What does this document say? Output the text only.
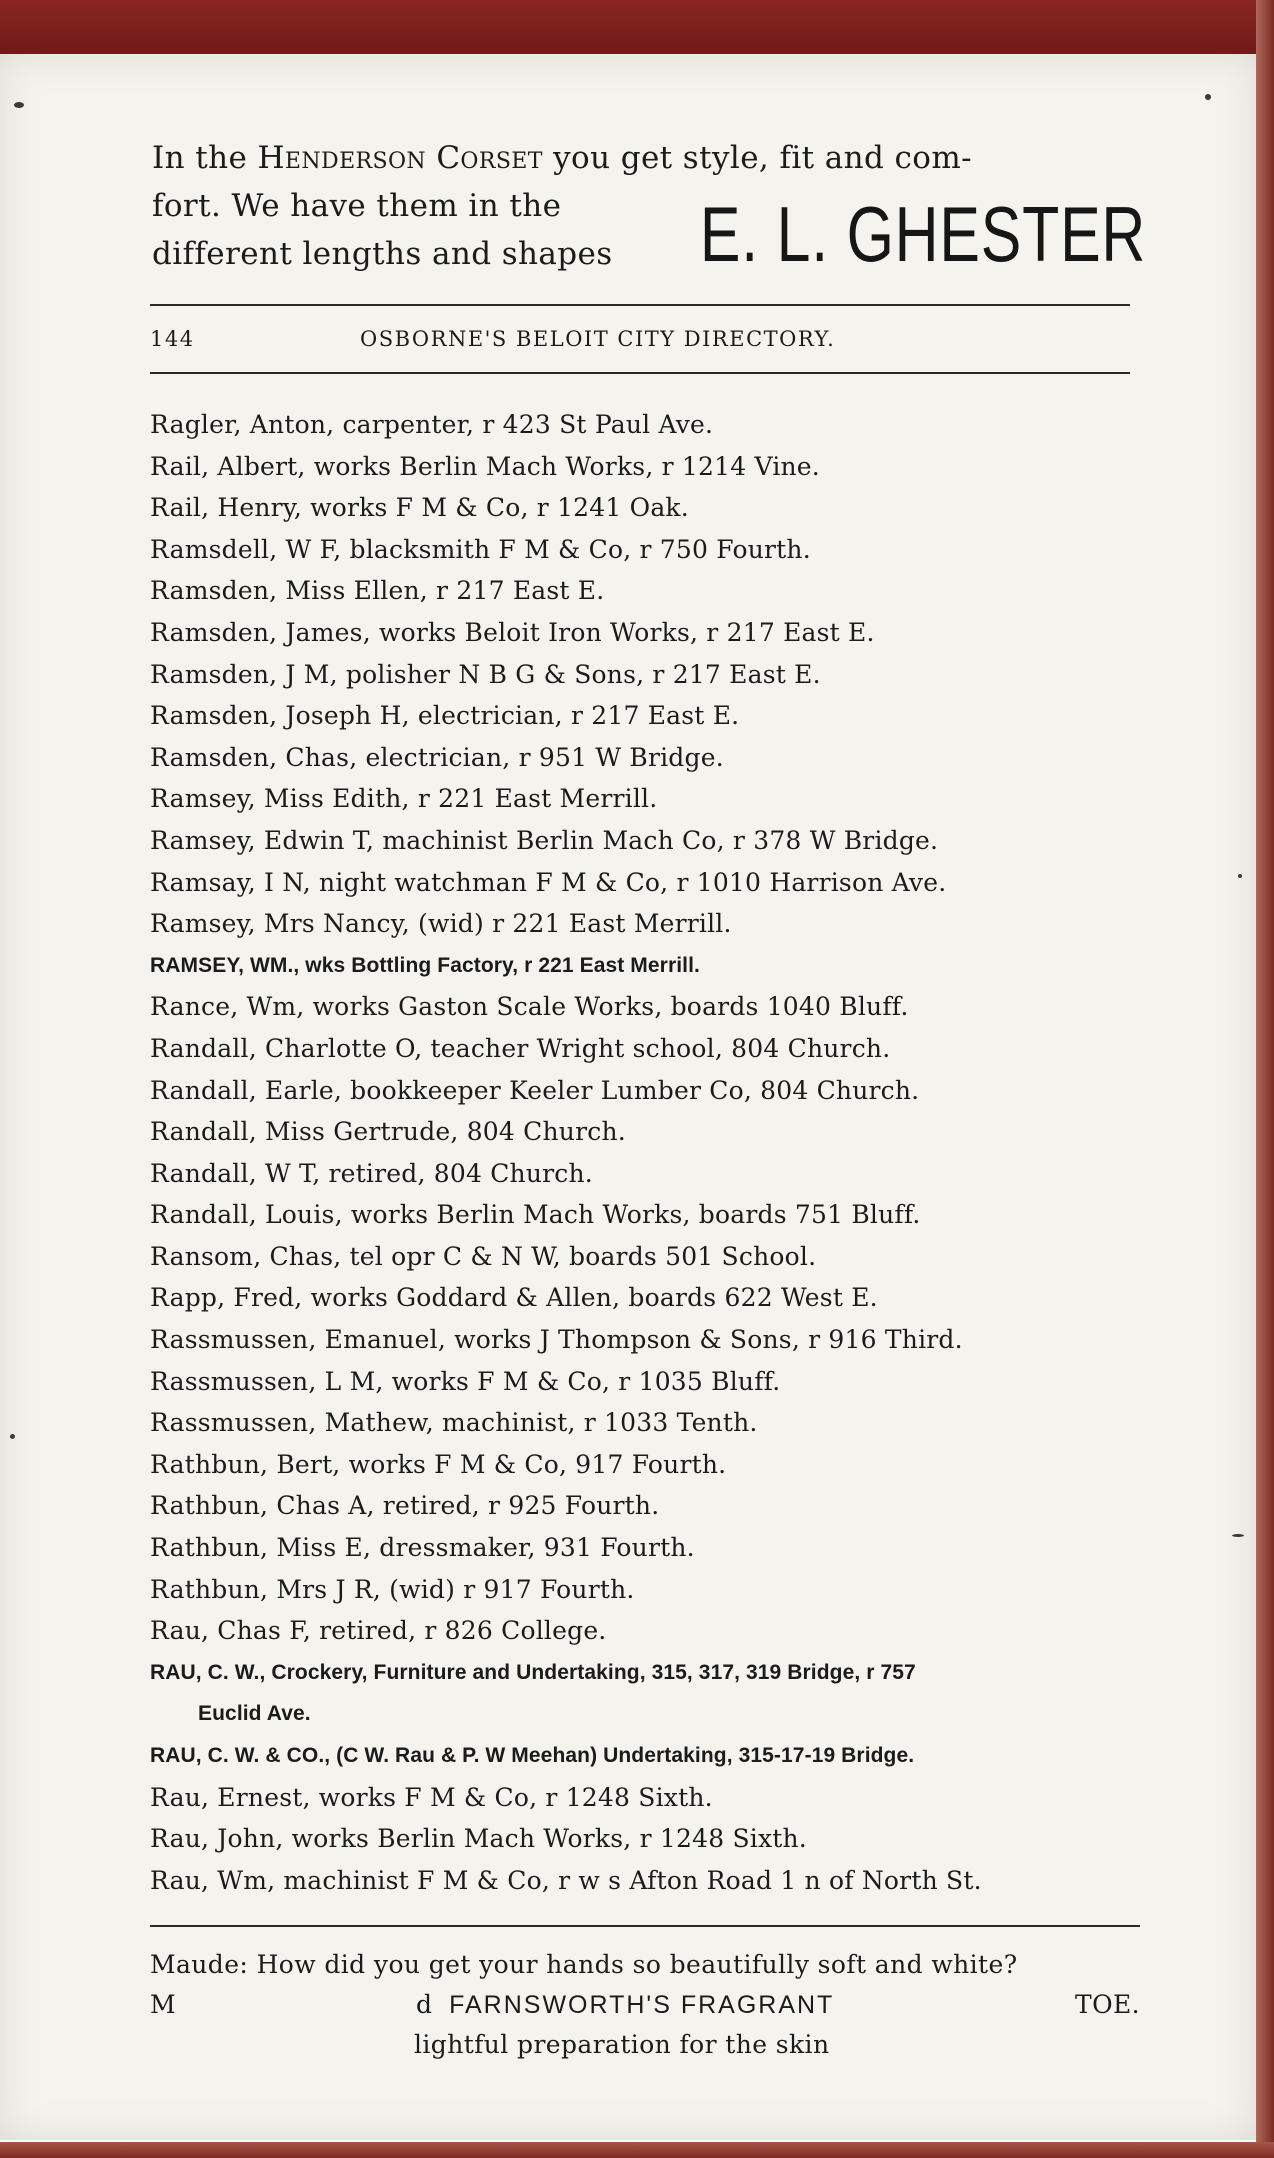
In the Henderson Corset you get style, fit and com-
fort. We have them in the
different lengths and shapes	E. L. GHESTER
144	OSBORNE'S BELOIT CITY DIRECTORY.
Ragler, Anton, carpenter, r 423 St Paul Ave.
Rail, Albert, works Berlin Mach Works, r 1214 Vine.
Rail, Henry, works F M & Co, r 1241 Oak.
Ramsdell, W F, blacksmith F M & Co, r 750 Fourth.
Ramsden, Miss Ellen, r 217 East E.
Ramsden, James, works Beloit Iron Works, r 217 East E.
Ramsden, J M, polisher N B G & Sons, r 217 East E.
Ramsden, Joseph H, electrician, r 217 East E.
Ramsden, Chas, electrician, r 951 W Bridge.
Ramsey, Miss Edith, r 221 East Merrill.
Ramsey, Edwin T, machinist Berlin Mach Co, r 378 W Bridge.
Ramsay, I N, night watchman F M & Co, r 1010 Harrison Ave.
Ramsey, Mrs Nancy, (wid) r 221 East Merrill.
RAMSEY, WM., wks Bottling Factory, r 221 East Merrill.
Rance, Wm, works Gaston Scale Works, boards 1040 Bluff.
Randall, Charlotte O, teacher Wright school, 804 Church.
Randall, Earle, bookkeeper Keeler Lumber Co, 804 Church.
Randall, Miss Gertrude, 804 Church.
Randall, W T, retired, 804 Church.
Randall, Louis, works Berlin Mach Works, boards 751 Bluff.
Ransom, Chas, tel opr C & N W, boards 501 School.
Rapp, Fred, works Goddard & Allen, boards 622 West E.
Rassmussen, Emanuel, works J Thompson & Sons, r 916 Third.
Rassmussen, L M, works F M & Co, r 1035 Bluff.
Rassmussen, Mathew, machinist, r 1033 Tenth.
Rathbun, Bert, works F M & Co, 917 Fourth.
Rathbun, Chas A, retired, r 925 Fourth.
Rathbun, Miss E, dressmaker, 931 Fourth.
Rathbun, Mrs J R, (wid) r 917 Fourth.
Rau, Chas F, retired, r 826 College.
RAU, C. W., Crockery, Furniture and Undertaking, 315, 317, 319 Bridge, r 757
Euclid Ave.
RAU, C. W. & CO., (C W. Rau & P. W Meehan) Undertaking, 315-17-19 Bridge.
Rau, Ernest, works F M & Co, r 1248 Sixth.
Rau, John, works Berlin Mach Works, r 1248 Sixth.
Rau, Wm, machinist F M & Co, r w s Afton Road 1 n of North St.
Maude: How did you get your hands so beautifully soft and white?
M	d FARNSWORTH'S FRAGRANT	TOE.
lightful preparation for the skin
